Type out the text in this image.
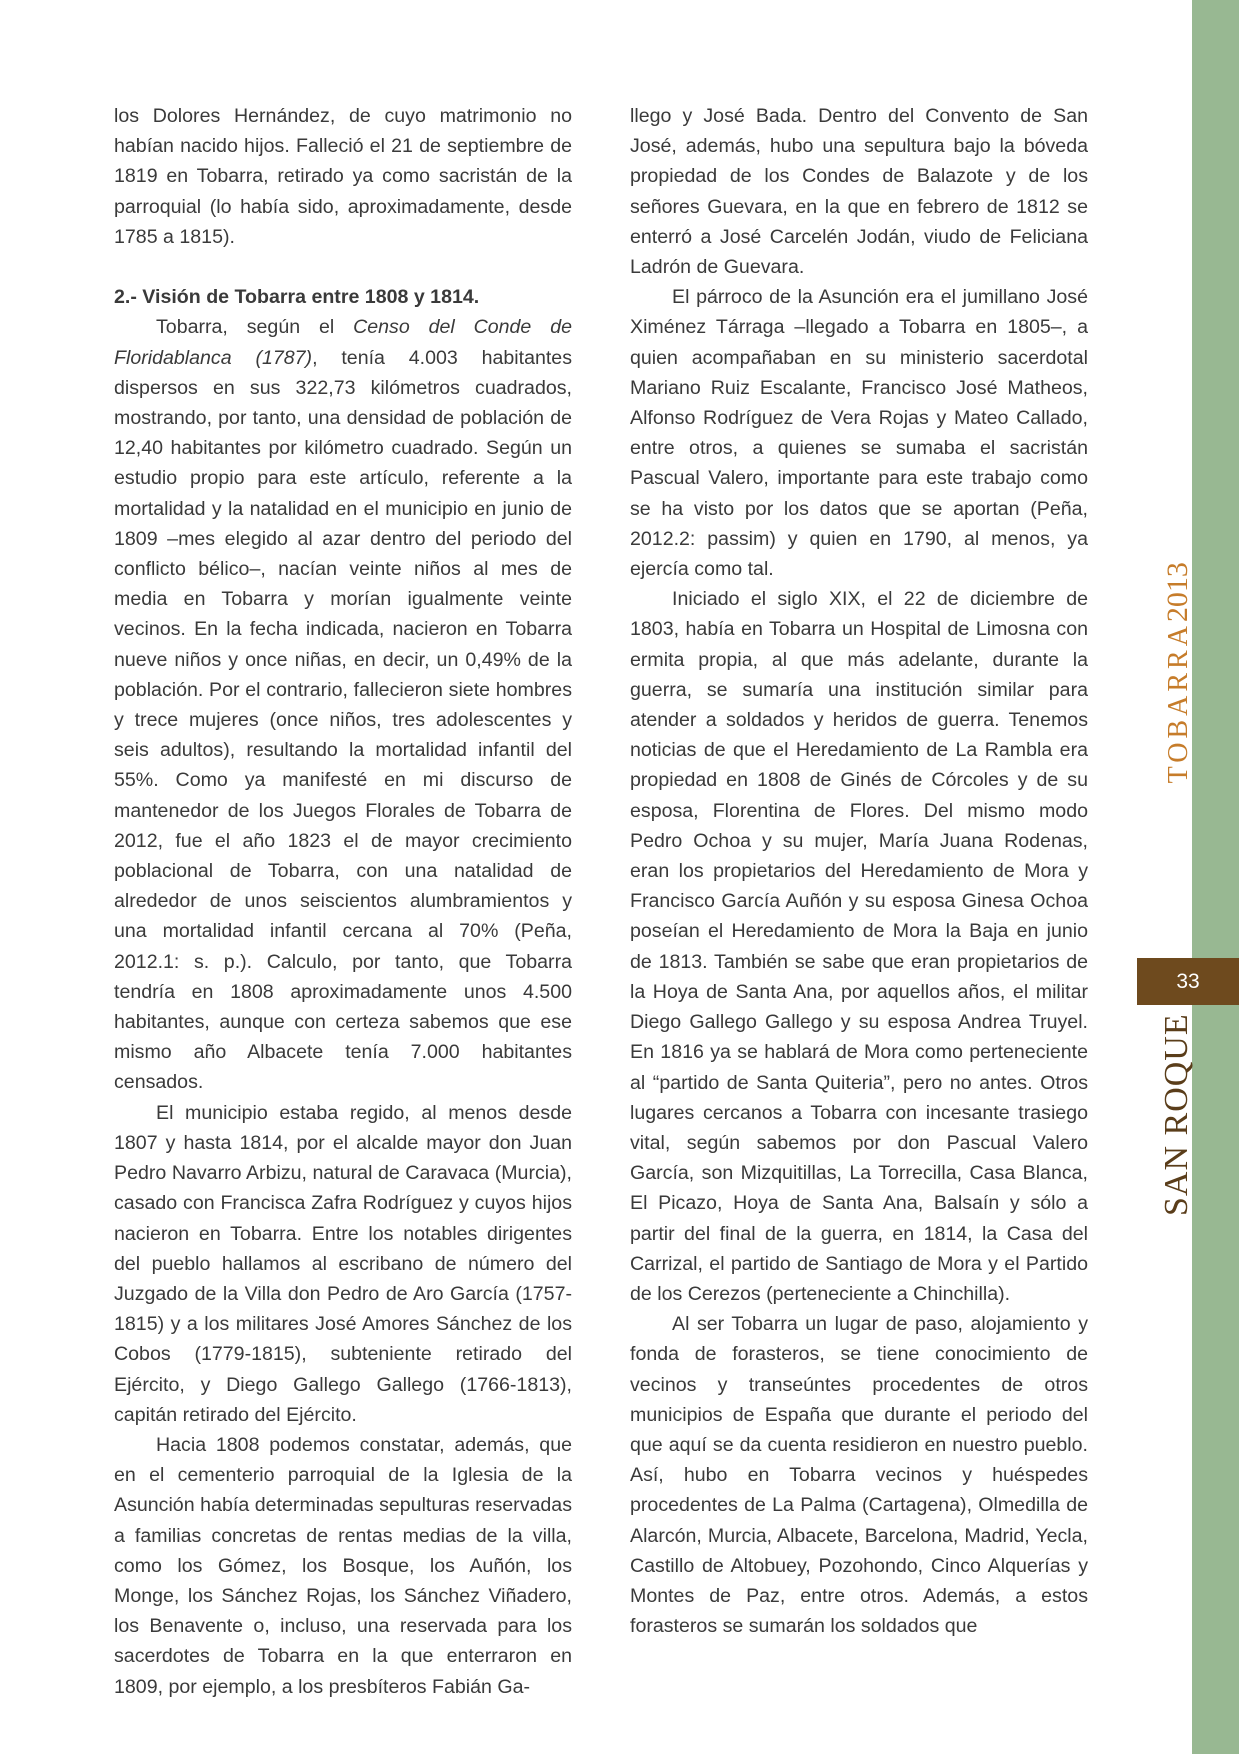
los Dolores Hernández, de cuyo matrimonio no habían nacido hijos. Falleció el 21 de septiembre de 1819 en Tobarra, retirado ya como sacristán de la parroquial (lo había sido, aproximadamente, desde 1785 a 1815).

2.- Visión de Tobarra entre 1808 y 1814.

Tobarra, según el Censo del Conde de Floridablanca (1787), tenía 4.003 habitantes dispersos en sus 322,73 kilómetros cuadrados, mostrando, por tanto, una densidad de población de 12,40 habitantes por kilómetro cuadrado. Según un estudio propio para este artículo, referente a la mortalidad y la natalidad en el municipio en junio de 1809 –mes elegido al azar dentro del periodo del conflicto bélico–, nacían veinte niños al mes de media en Tobarra y morían igualmente veinte vecinos. En la fecha indicada, nacieron en Tobarra nueve niños y once niñas, en decir, un 0,49% de la población. Por el contrario, fallecieron siete hombres y trece mujeres (once niños, tres adolescentes y seis adultos), resultando la mortalidad infantil del 55%. Como ya manifesté en mi discurso de mantenedor de los Juegos Florales de Tobarra de 2012, fue el año 1823 el de mayor crecimiento poblacional de Tobarra, con una natalidad de alrededor de unos seiscientos alumbramientos y una mortalidad infantil cercana al 70% (Peña, 2012.1: s. p.). Calculo, por tanto, que Tobarra tendría en 1808 aproximadamente unos 4.500 habitantes, aunque con certeza sabemos que ese mismo año Albacete tenía 7.000 habitantes censados.

El municipio estaba regido, al menos desde 1807 y hasta 1814, por el alcalde mayor don Juan Pedro Navarro Arbizu, natural de Caravaca (Murcia), casado con Francisca Zafra Rodríguez y cuyos hijos nacieron en Tobarra. Entre los notables dirigentes del pueblo hallamos al escribano de número del Juzgado de la Villa don Pedro de Aro García (1757-1815) y a los militares José Amores Sánchez de los Cobos (1779-1815), subteniente retirado del Ejército, y Diego Gallego Gallego (1766-1813), capitán retirado del Ejército.

Hacia 1808 podemos constatar, además, que en el cementerio parroquial de la Iglesia de la Asunción había determinadas sepulturas reservadas a familias concretas de rentas medias de la villa, como los Gómez, los Bosque, los Auñón, los Monge, los Sánchez Rojas, los Sánchez Viñadero, los Benavente o, incluso, una reservada para los sacerdotes de Tobarra en la que enterraron en 1809, por ejemplo, a los presbíteros Fabián Ga-

llego y José Bada. Dentro del Convento de San José, además, hubo una sepultura bajo la bóveda propiedad de los Condes de Balazote y de los señores Guevara, en la que en febrero de 1812 se enterró a José Carcelén Jodán, viudo de Feliciana Ladrón de Guevara.

El párroco de la Asunción era el jumillano José Ximénez Tárraga –llegado a Tobarra en 1805–, a quien acompañaban en su ministerio sacerdotal Mariano Ruiz Escalante, Francisco José Matheos, Alfonso Rodríguez de Vera Rojas y Mateo Callado, entre otros, a quienes se sumaba el sacristán Pascual Valero, importante para este trabajo como se ha visto por los datos que se aportan (Peña, 2012.2: passim) y quien en 1790, al menos, ya ejercía como tal.

Iniciado el siglo XIX, el 22 de diciembre de 1803, había en Tobarra un Hospital de Limosna con ermita propia, al que más adelante, durante la guerra, se sumaría una institución similar para atender a soldados y heridos de guerra. Tenemos noticias de que el Heredamiento de La Rambla era propiedad en 1808 de Ginés de Córcoles y de su esposa, Florentina de Flores. Del mismo modo Pedro Ochoa y su mujer, María Juana Rodenas, eran los propietarios del Heredamiento de Mora y Francisco García Auñón y su esposa Ginesa Ochoa poseían el Heredamiento de Mora la Baja en junio de 1813. También se sabe que eran propietarios de la Hoya de Santa Ana, por aquellos años, el militar Diego Gallego Gallego y su esposa Andrea Truyel. En 1816 ya se hablará de Mora como perteneciente al “partido de Santa Quiteria”, pero no antes. Otros lugares cercanos a Tobarra con incesante trasiego vital, según sabemos por don Pascual Valero García, son Mizquitillas, La Torrecilla, Casa Blanca, El Picazo, Hoya de Santa Ana, Balsaín y sólo a partir del final de la guerra, en 1814, la Casa del Carrizal, el partido de Santiago de Mora y el Partido de los Cerezos (perteneciente a Chinchilla).

Al ser Tobarra un lugar de paso, alojamiento y fonda de forasteros, se tiene conocimiento de vecinos y transeúntes procedentes de otros municipios de España que durante el periodo del que aquí se da cuenta residieron en nuestro pueblo. Así, hubo en Tobarra vecinos y huéspedes procedentes de La Palma (Cartagena), Olmedilla de Alarcón, Murcia, Albacete, Barcelona, Madrid, Yecla, Castillo de Altobuey, Pozohondo, Cinco Alquerías y Montes de Paz, entre otros. Además, a estos forasteros se sumarán los soldados que

SAN ROQUETOBARRA2013
33
